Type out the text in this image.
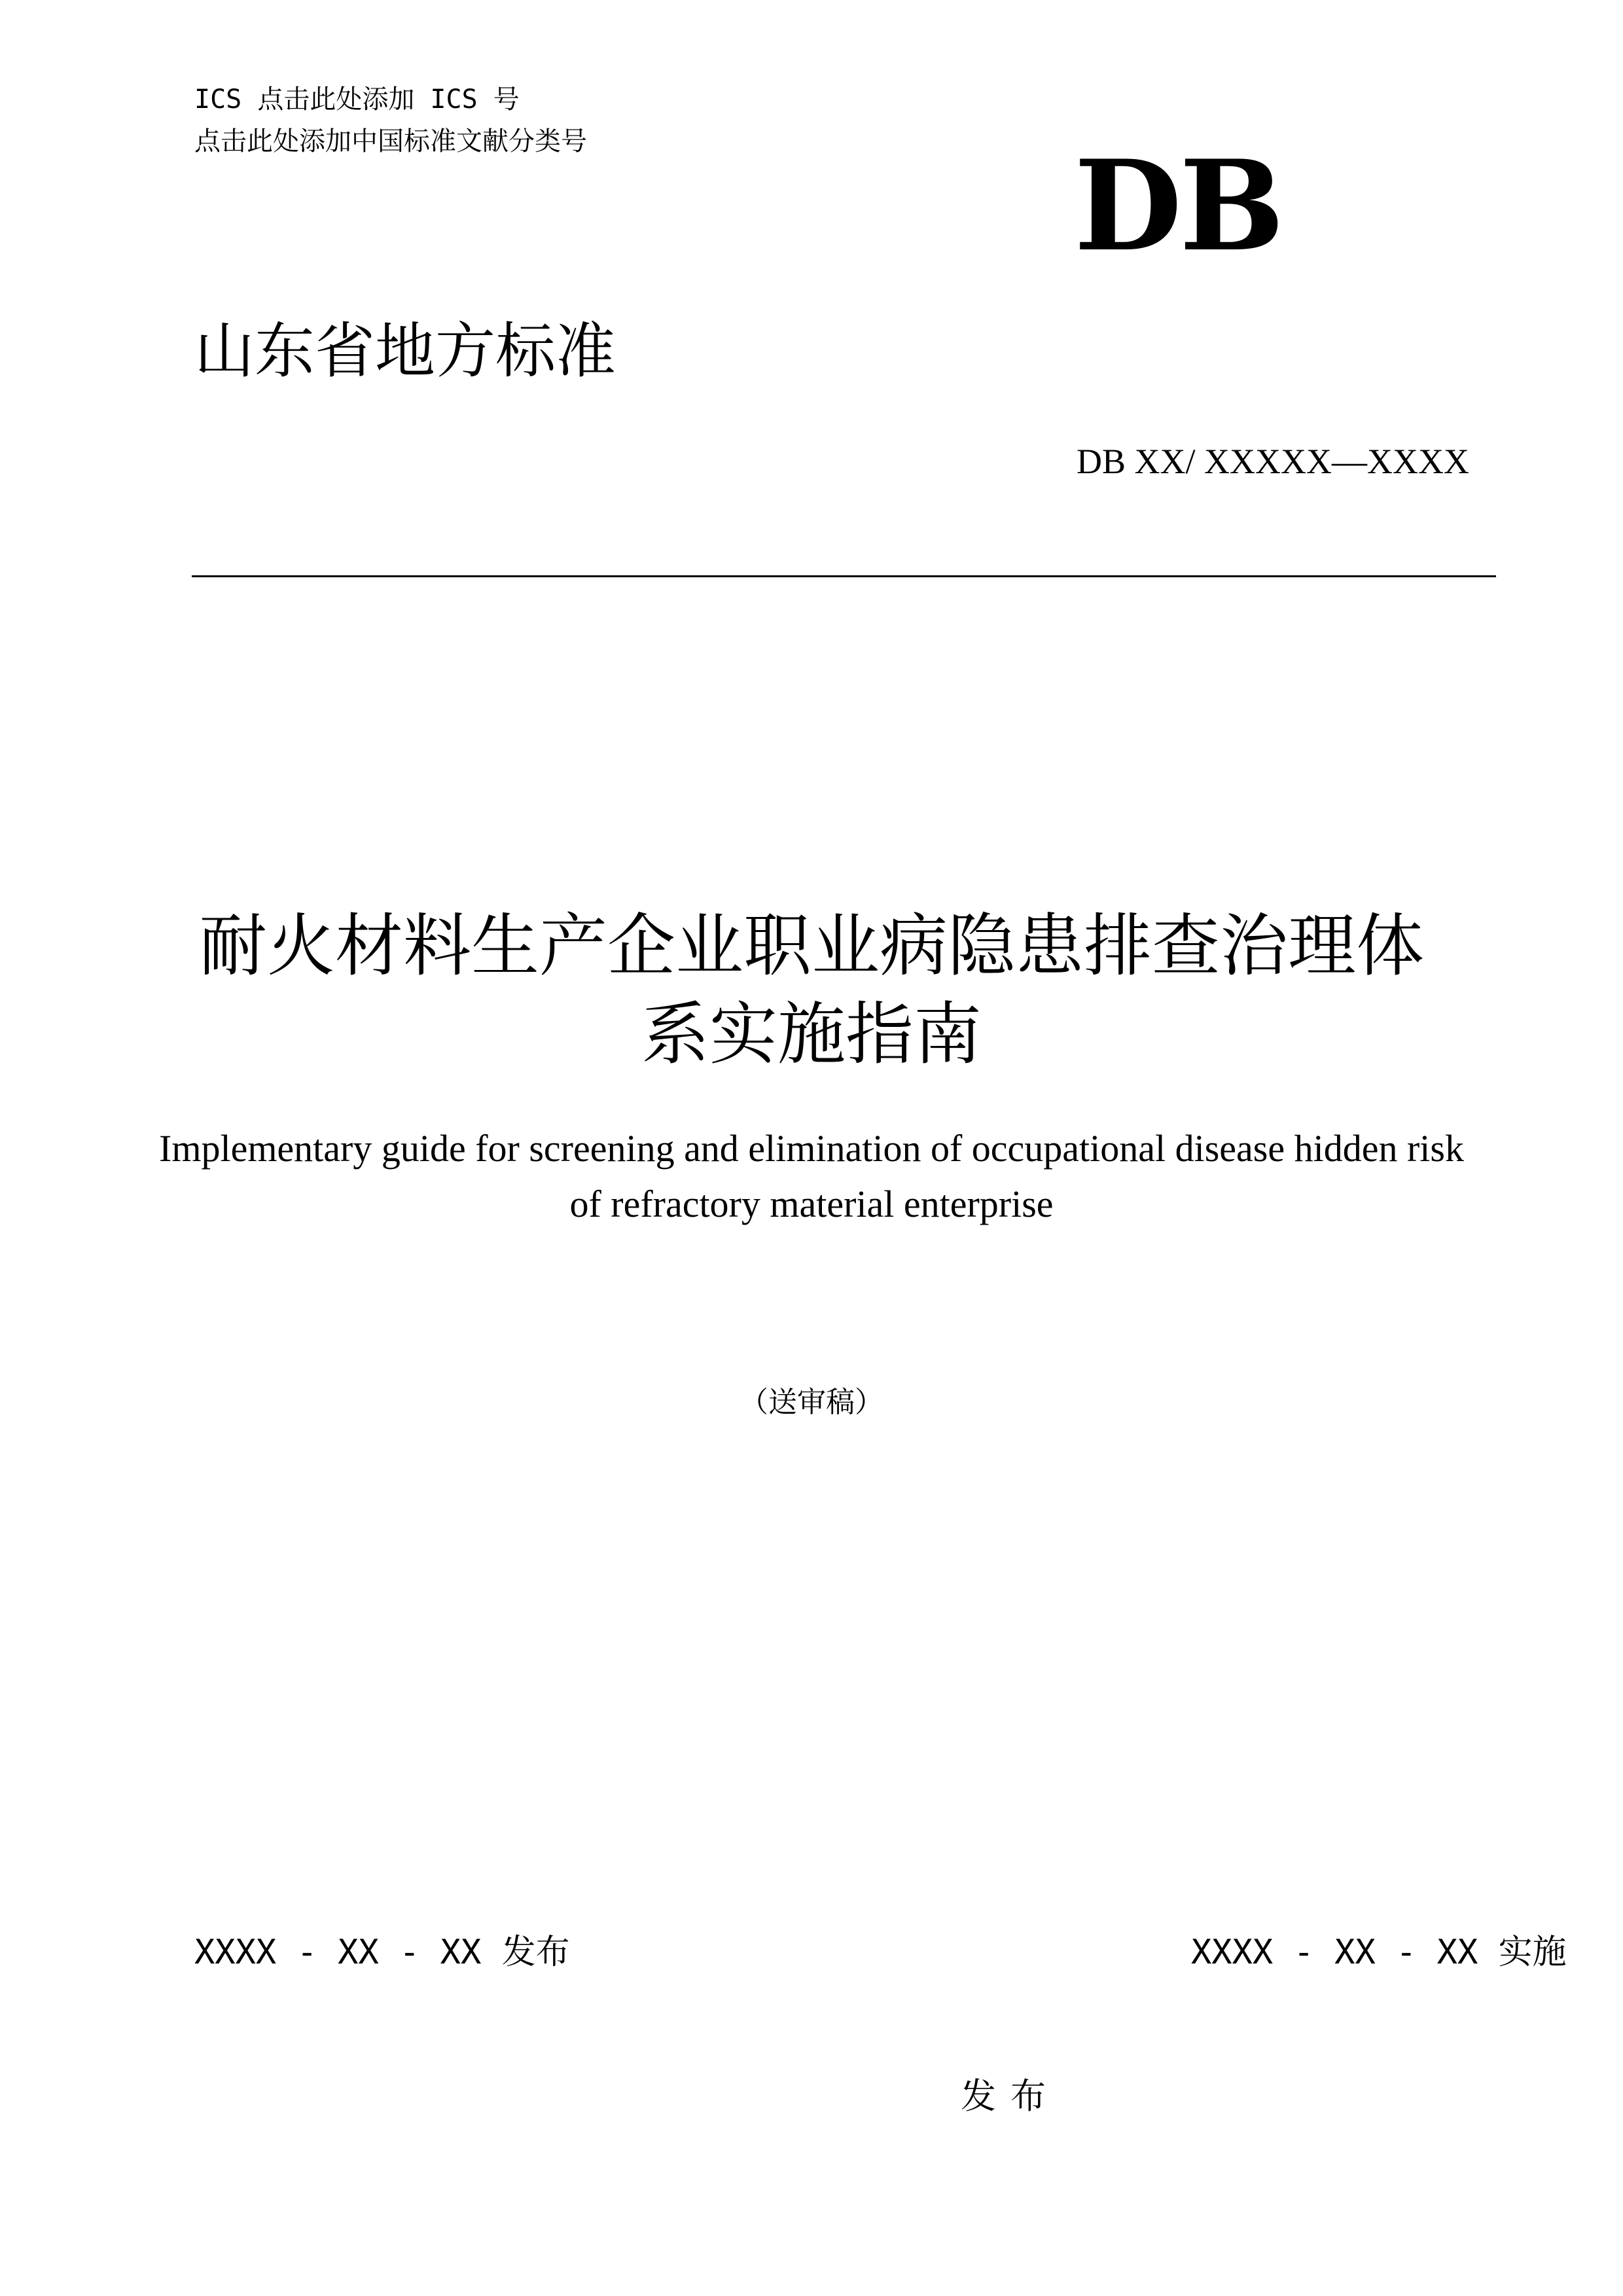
ICS 点击此处添加 ICS 号
点击此处添加中国标准文献分类号	DB
山东省地方标准
DB XX/ XXXXX—XXXX
耐火材料生产企业职业病隐患排查治理体
系实施指南
Implementary guide for screening and elimination of occupational disease hidden risk
of refractory material enterprise
（送审稿）
XXXX - XX - XX 发布	XXXX - XX - XX 实施
发布
